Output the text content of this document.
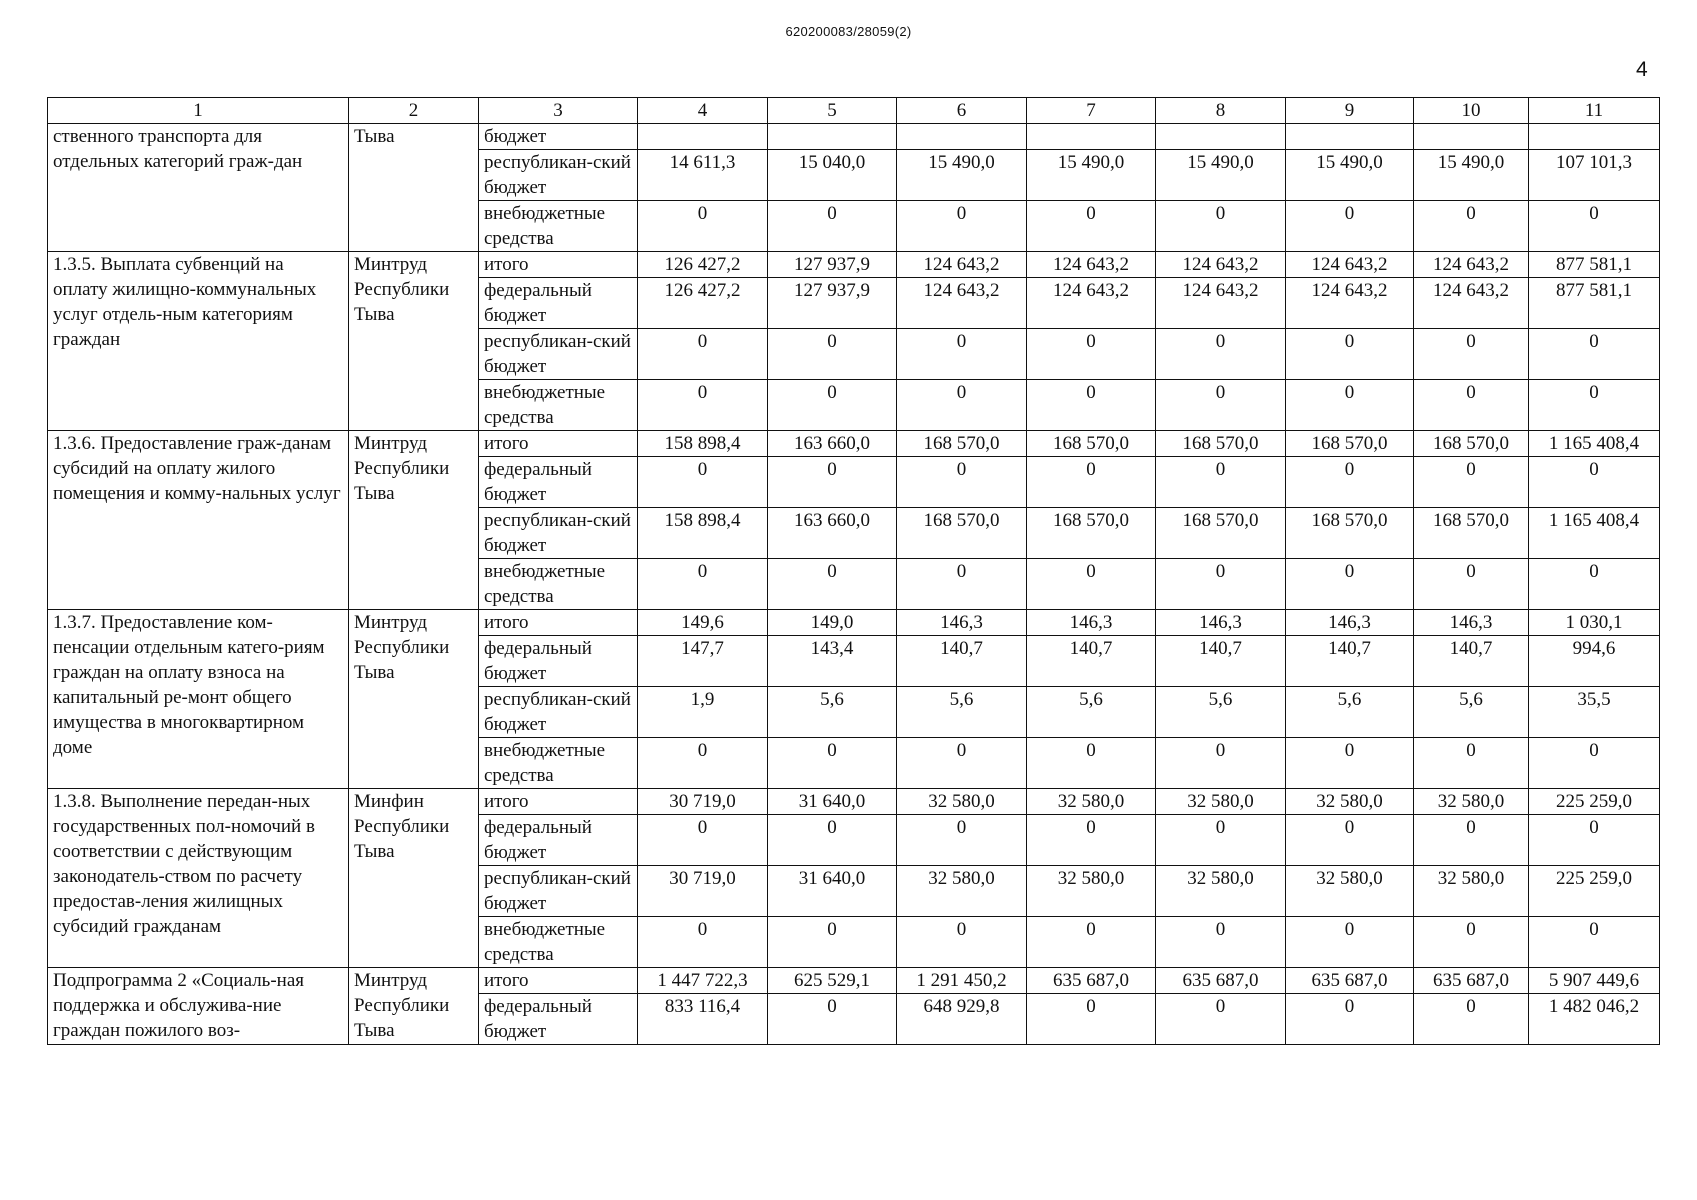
620200083/28059(2)
4
1	2	3	4	5	6	7	8	9	10	11
ственного транспорта для отдельных категорий граж-дан	Тыва	бюджет								
		республикан-ский бюджет	14 611,3	15 040,0	15 490,0	15 490,0	15 490,0	15 490,0	15 490,0	107 101,3
		внебюджетные средства	0	0	0	0	0	0	0	0
1.3.5. Выплата субвенций на оплату жилищно-коммунальных услуг отдель-ным категориям граждан	Минтруд Республики Тыва	итого	126 427,2	127 937,9	124 643,2	124 643,2	124 643,2	124 643,2	124 643,2	877 581,1
		федеральный бюджет	126 427,2	127 937,9	124 643,2	124 643,2	124 643,2	124 643,2	124 643,2	877 581,1
		республикан-ский бюджет	0	0	0	0	0	0	0	0
		внебюджетные средства	0	0	0	0	0	0	0	0
1.3.6. Предоставление граж-данам субсидий на оплату жилого помещения и комму-нальных услуг	Минтруд Республики Тыва	итого	158 898,4	163 660,0	168 570,0	168 570,0	168 570,0	168 570,0	168 570,0	1 165 408,4
		федеральный бюджет	0	0	0	0	0	0	0	0
		республикан-ский бюджет	158 898,4	163 660,0	168 570,0	168 570,0	168 570,0	168 570,0	168 570,0	1 165 408,4
		внебюджетные средства	0	0	0	0	0	0	0	0
1.3.7. Предоставление ком-пенсации отдельным катего-риям граждан на оплату взноса на капитальный ре-монт общего имущества в многоквартирном доме	Минтруд Республики Тыва	итого	149,6	149,0	146,3	146,3	146,3	146,3	146,3	1 030,1
		федеральный бюджет	147,7	143,4	140,7	140,7	140,7	140,7	140,7	994,6
		республикан-ский бюджет	1,9	5,6	5,6	5,6	5,6	5,6	5,6	35,5
		внебюджетные средства	0	0	0	0	0	0	0	0
1.3.8. Выполнение передан-ных государственных пол-номочий в соответствии с действующим законодатель-ством по расчету предостав-ления жилищных субсидий гражданам	Минфин Республики Тыва	итого	30 719,0	31 640,0	32 580,0	32 580,0	32 580,0	32 580,0	32 580,0	225 259,0
		федеральный бюджет	0	0	0	0	0	0	0	0
		республикан-ский бюджет	30 719,0	31 640,0	32 580,0	32 580,0	32 580,0	32 580,0	32 580,0	225 259,0
		внебюджетные средства	0	0	0	0	0	0	0	0
Подпрограмма 2 «Социаль-ная поддержка и обслужива-ние граждан пожилого воз-	Минтруд Республики Тыва	итого	1 447 722,3	625 529,1	1 291 450,2	635 687,0	635 687,0	635 687,0	635 687,0	5 907 449,6
		федеральный бюджет	833 116,4	0	648 929,8	0	0	0	0	1 482 046,2
